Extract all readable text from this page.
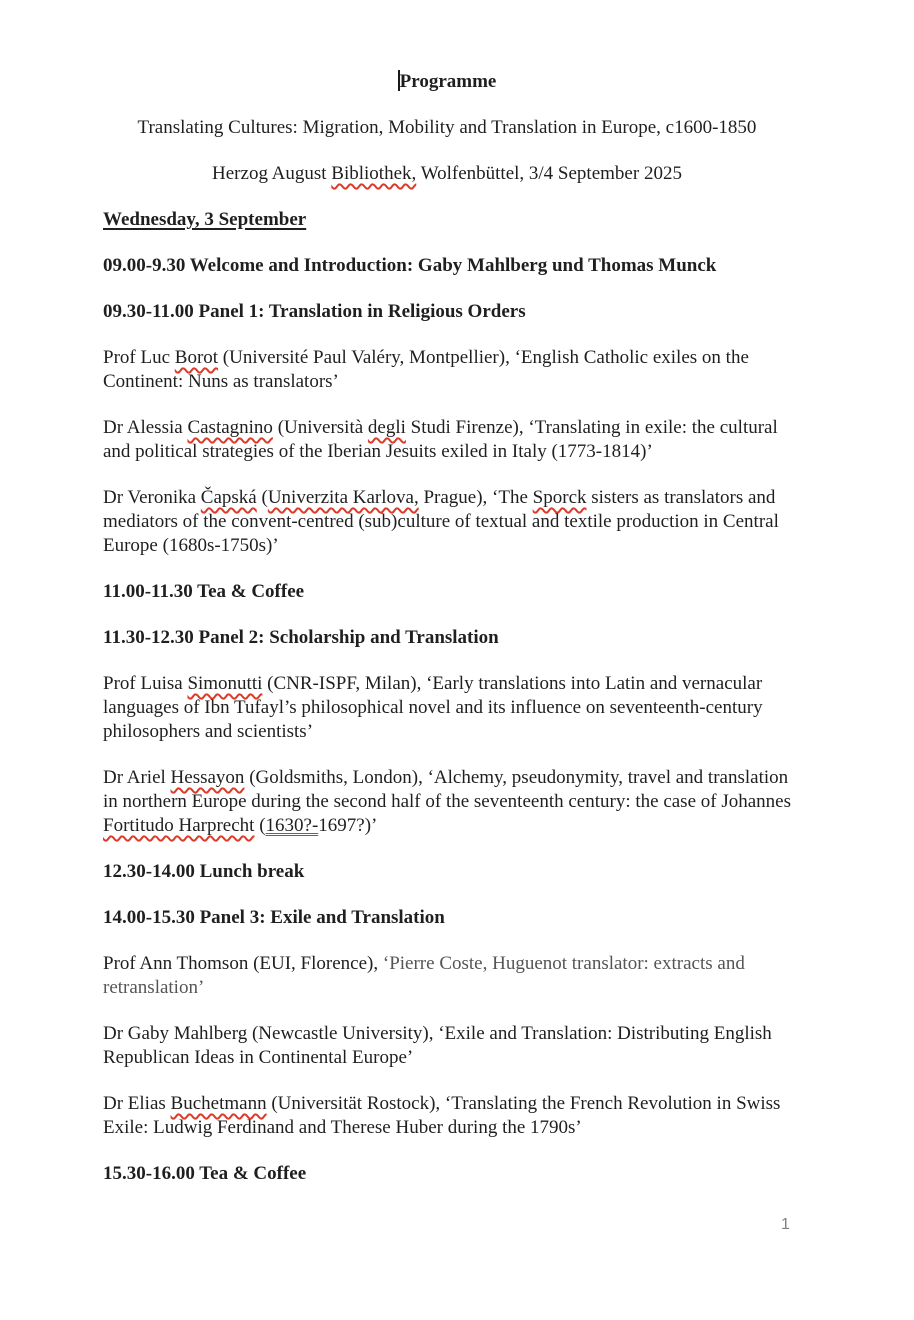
Programme

Translating Cultures: Migration, Mobility and Translation in Europe, c1600-1850

Herzog August Bibliothek, Wolfenbüttel, 3/4 September 2025

Wednesday, 3 September

09.00-9.30 Welcome and Introduction: Gaby Mahlberg und Thomas Munck

09.30-11.00 Panel 1: Translation in Religious Orders

Prof Luc Borot (Université Paul Valéry, Montpellier), ‘English Catholic exiles on the Continent: Nuns as translators’

Dr Alessia Castagnino (Università degli Studi Firenze), ‘Translating in exile: the cultural and political strategies of the Iberian Jesuits exiled in Italy (1773-1814)’

Dr Veronika Čapská (Univerzita Karlova, Prague), ‘The Sporck sisters as translators and mediators of the convent-centred (sub)culture of textual and textile production in Central Europe (1680s-1750s)’

11.00-11.30 Tea & Coffee

11.30-12.30 Panel 2: Scholarship and Translation

Prof Luisa Simonutti (CNR-ISPF, Milan), ‘Early translations into Latin and vernacular languages of Ibn Tufayl’s philosophical novel and its influence on seventeenth-century philosophers and scientists’

Dr Ariel Hessayon (Goldsmiths, London), ‘Alchemy, pseudonymity, travel and translation in northern Europe during the second half of the seventeenth century: the case of Johannes Fortitudo Harprecht (1630?-1697?)’

12.30-14.00 Lunch break

14.00-15.30 Panel 3: Exile and Translation

Prof Ann Thomson (EUI, Florence), ‘Pierre Coste, Huguenot translator: extracts and retranslation’

Dr Gaby Mahlberg (Newcastle University), ‘Exile and Translation: Distributing English Republican Ideas in Continental Europe’

Dr Elias Buchetmann (Universität Rostock), ‘Translating the French Revolution in Swiss Exile: Ludwig Ferdinand and Therese Huber during the 1790s’

15.30-16.00 Tea & Coffee

1
